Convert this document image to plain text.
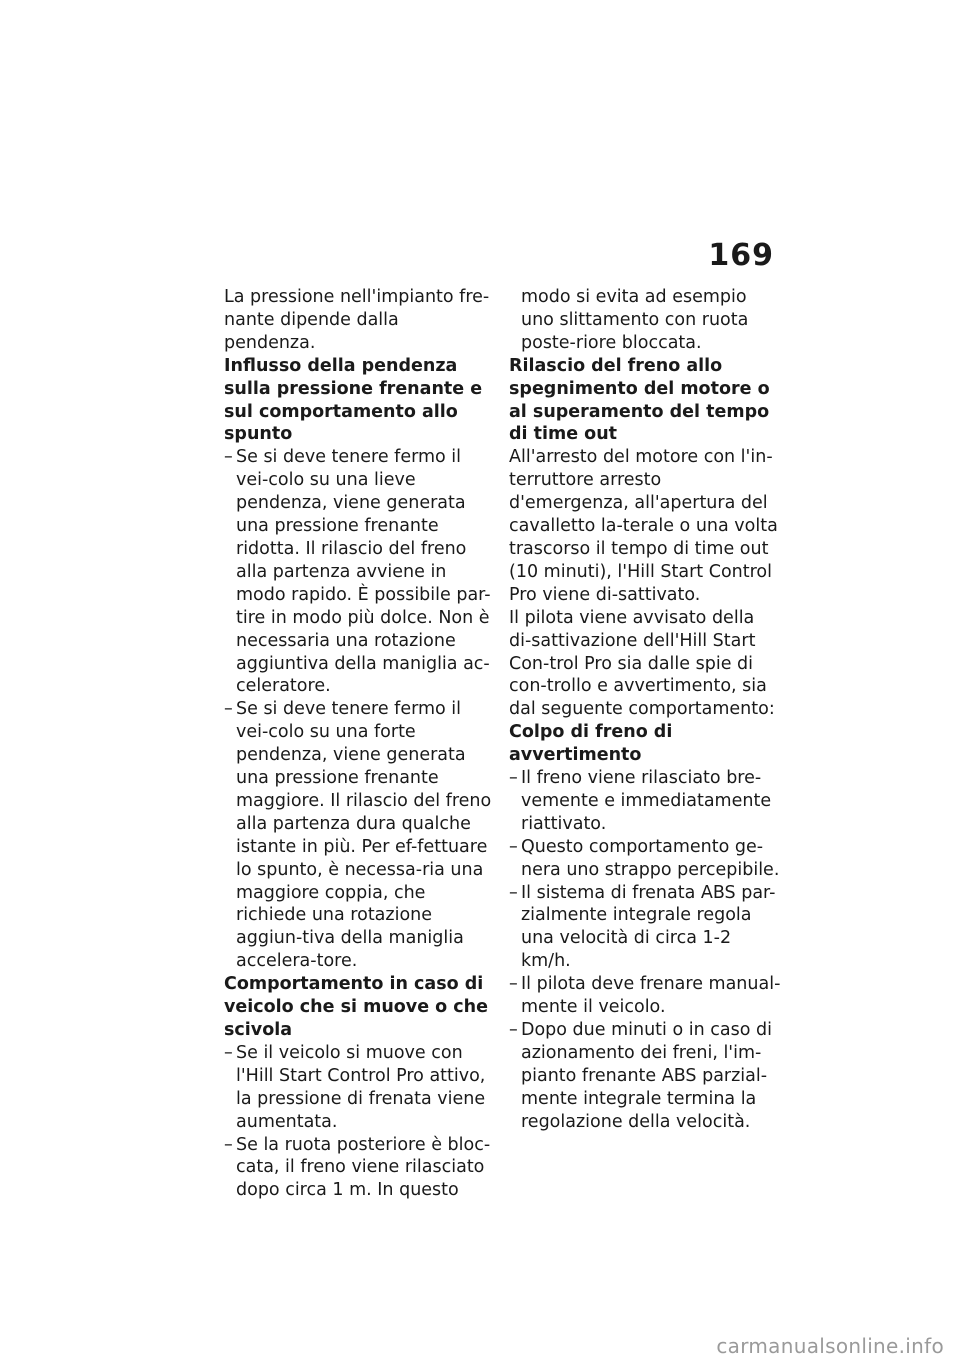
169

La pressione nell'impianto fre-nante dipende dalla pendenza.

Influsso della pendenza sulla pressione frenante e sul comportamento allo spunto

– Se si deve tenere fermo il vei-colo su una lieve pendenza, viene generata una pressione frenante ridotta. Il rilascio del freno alla partenza avviene in modo rapido. È possibile par-tire in modo più dolce. Non è necessaria una rotazione aggiuntiva della maniglia ac-celeratore.
– Se si deve tenere fermo il vei-colo su una forte pendenza, viene generata una pressione frenante maggiore. Il rilascio del freno alla partenza dura qualche istante in più. Per ef-fettuare lo spunto, è necessa-ria una maggiore coppia, che richiede una rotazione aggiun-tiva della maniglia accelera-tore.

Comportamento in caso di veicolo che si muove o che scivola

– Se il veicolo si muove con l'Hill Start Control Pro attivo, la pressione di frenata viene aumentata.
– Se la ruota posteriore è bloc-cata, il freno viene rilasciato dopo circa 1 m. In questo

modo si evita ad esempio uno slittamento con ruota poste-riore bloccata.

Rilascio del freno allo spegnimento del motore o al superamento del tempo di time out

All'arresto del motore con l'in-terruttore arresto d'emergenza, all'apertura del cavalletto la-terale o una volta trascorso il tempo di time out (10 minuti), l'Hill Start Control Pro viene di-sattivato.

Il pilota viene avvisato della di-sattivazione dell'Hill Start Con-trol Pro sia dalle spie di con-trollo e avvertimento, sia dal seguente comportamento:

Colpo di freno di avvertimento

– Il freno viene rilasciato bre-vemente e immediatamente riattivato.
– Questo comportamento ge-nera uno strappo percepibile.
– Il sistema di frenata ABS par-zialmente integrale regola una velocità di circa 1-2 km/h.
– Il pilota deve frenare manual-mente il veicolo.
– Dopo due minuti o in caso di azionamento dei freni, l'im-pianto frenante ABS parzial-mente integrale termina la regolazione della velocità.
carmanualsonline.info
